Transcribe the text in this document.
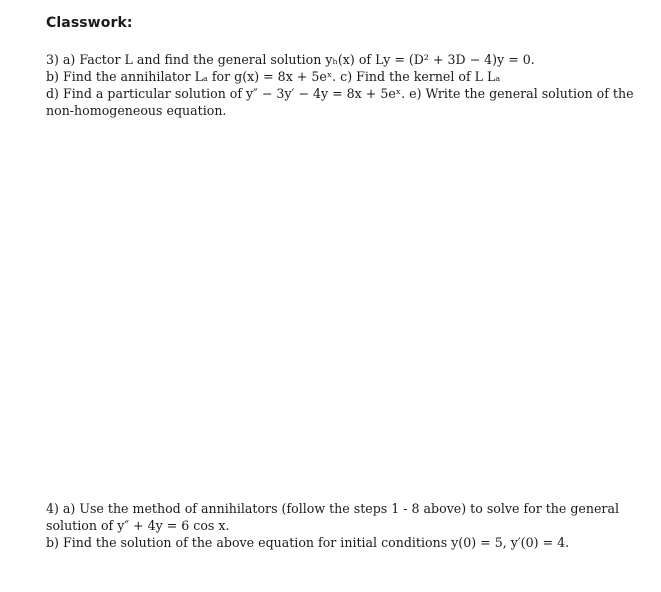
Classwork:
3) a) Factor L and find the general solution yₕ(x) of Ly = (D² + 3D − 4)y = 0.
b) Find the annihilator Lₐ for g(x) = 8x + 5eˣ. c) Find the kernel of L Lₐ
d) Find a particular solution of y″ − 3y′ − 4y = 8x + 5eˣ. e) Write the general solution of the
non-homogeneous equation.
4) a) Use the method of annihilators (follow the steps 1 - 8 above) to solve for the general
solution of y″ + 4y = 6 cos x.
b) Find the solution of the above equation for initial conditions y(0) = 5, y′(0) = 4.
